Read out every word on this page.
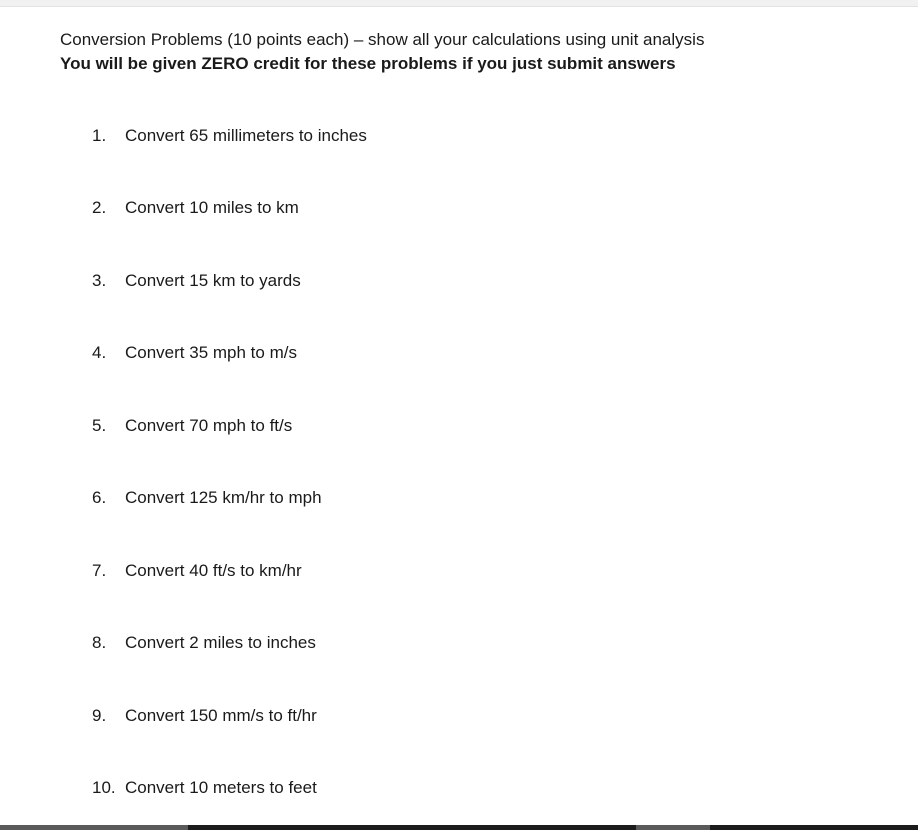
Conversion Problems (10 points each) – show all your calculations using unit analysis
You will be given ZERO credit for these problems if you just submit answers
1. Convert 65 millimeters to inches
2. Convert 10 miles to km
3. Convert 15 km to yards
4. Convert 35 mph to m/s
5. Convert 70 mph to ft/s
6. Convert 125 km/hr to mph
7. Convert 40 ft/s to km/hr
8. Convert 2 miles to inches
9. Convert 150 mm/s to ft/hr
10. Convert 10 meters to feet
